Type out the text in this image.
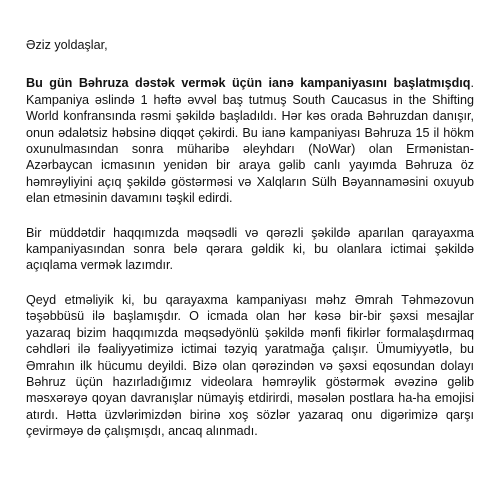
Əziz yoldaşlar,

Bu gün Bəhruza dəstək vermək üçün ianə kampaniyasını başlatmışdıq. Kampaniya əslində 1 həftə əvvəl baş tutmuş South Caucasus in the Shifting World konfransında rəsmi şəkildə başladıldı. Hər kəs orada Bəhruzdan danışır, onun ədalətsiz həbsinə diqqət çəkirdi. Bu ianə kampaniyası Bəhruza 15 il hökm oxunulmasından sonra müharibə əleyhdarı (NoWar) olan Ermənistan-Azərbaycan icmasının yenidən bir araya gəlib canlı yayımda Bəhruza öz həmrəyliyini açıq şəkildə göstərməsi və Xalqların Sülh Bəyannaməsini oxuyub elan etməsinin davamını təşkil edirdi.

Bir müddətdir haqqımızda məqsədli və qərəzli şəkildə aparılan qarayaxma kampaniyasından sonra belə qərara gəldik ki, bu olanlara ictimai şəkildə açıqlama vermək lazımdır.

Qeyd etməliyik ki, bu qarayaxma kampaniyası məhz Əmrah Təhməzovun təşəbbüsü ilə başlamışdır. O icmada olan hər kəsə bir-bir şəxsi mesajlar yazaraq bizim haqqımızda məqsədyönlü şəkildə mənfi fikirlər formalaşdırmaq cəhdləri ilə fəaliyyətimizə ictimai təzyiq yaratmağa çalışır. Ümumiyyətlə, bu Əmrahın ilk hücumu deyildi. Bizə olan qərəzindən və şəxsi eqosundan dolayı Bəhruz üçün hazırladığımız videolara həmrəylik göstərmək əvəzinə gəlib məsxərəyə qoyan davranışlar nümayiş etdirirdi, məsələn postlara ha-ha emojisi atırdı. Hətta üzvlərimizdən birinə xoş sözlər yazaraq onu digərimizə qarşı çevirməyə də çalışmışdı, ancaq alınmadı.
